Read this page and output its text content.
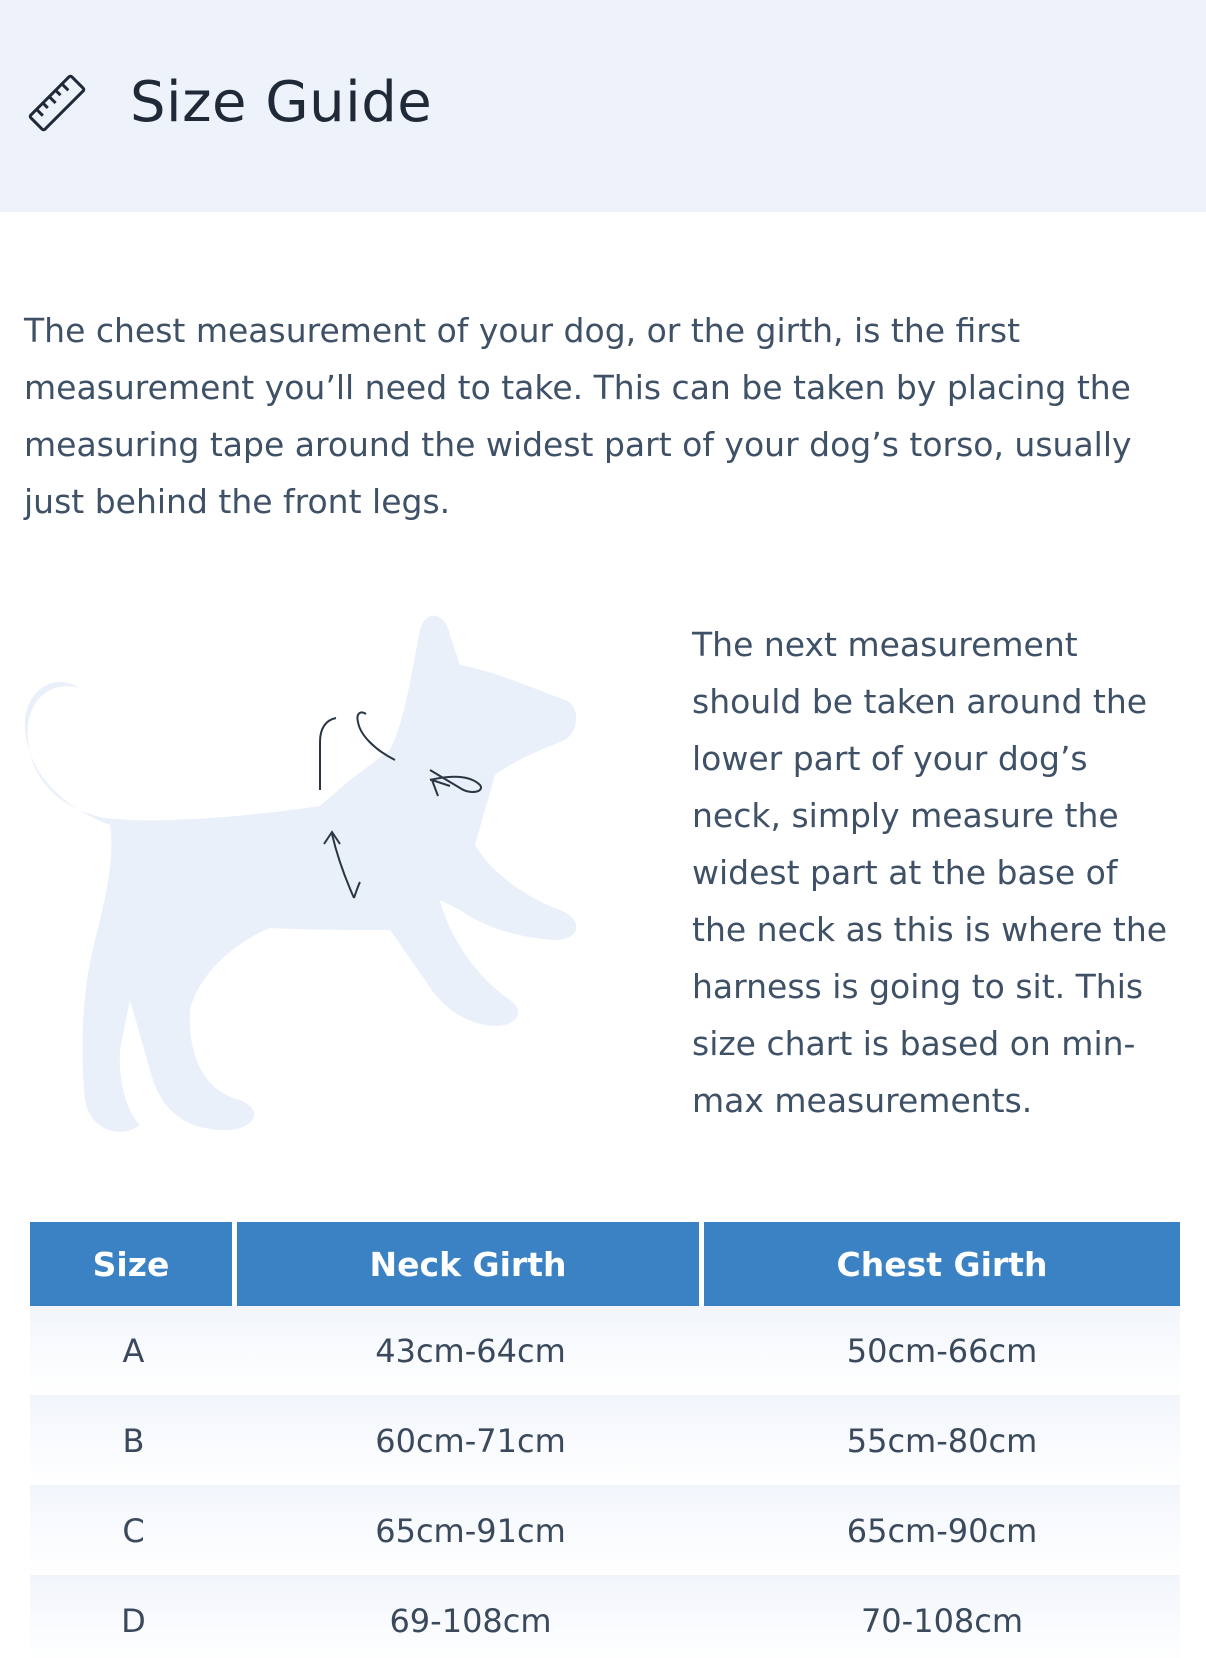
Size Guide

The chest measurement of your dog, or the girth, is the first measurement you’ll need to take. This can be taken by placing the measuring tape around the widest part of your dog’s torso, usually just behind the front legs.

The next measurement should be taken around the lower part of your dog’s neck, simply measure the widest part at the base of the neck as this is where the harness is going to sit. This size chart is based on min-max measurements.

Size	Neck Girth	Chest Girth
A	43cm-64cm	50cm-66cm
B	60cm-71cm	55cm-80cm
C	65cm-91cm	65cm-90cm
D	69-108cm	70-108cm
